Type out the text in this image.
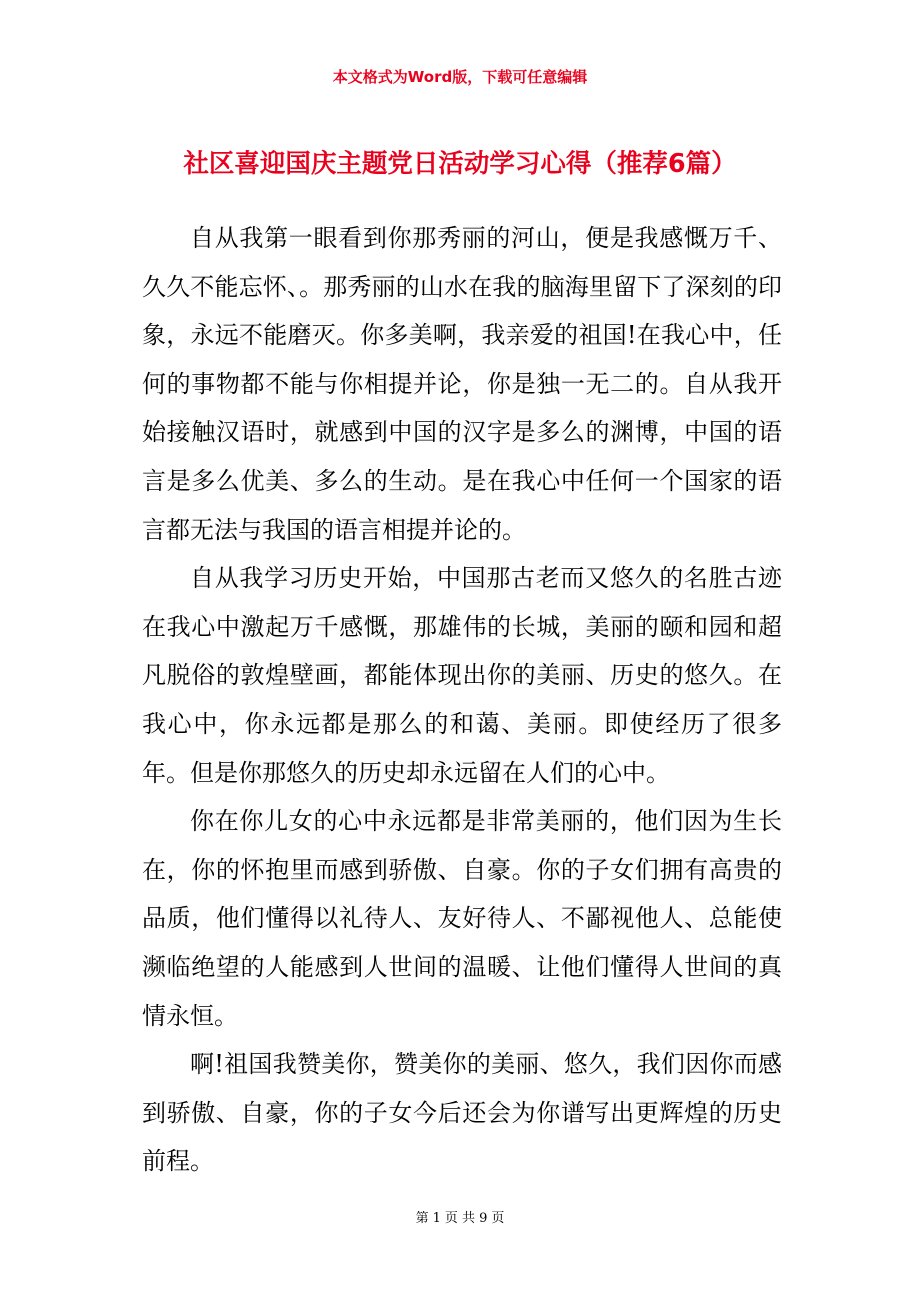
本文格式为Word版，下载可任意编辑
社区喜迎国庆主题党日活动学习心得（推荐6篇）

自从我第一眼看到你那秀丽的河山，便是我感慨万千、久久不能忘怀、。那秀丽的山水在我的脑海里留下了深刻的印象，永远不能磨灭。你多美啊，我亲爱的祖国!在我心中，任何的事物都不能与你相提并论，你是独一无二的。自从我开始接触汉语时，就感到中国的汉字是多么的渊博，中国的语言是多么优美、多么的生动。是在我心中任何一个国家的语言都无法与我国的语言相提并论的。

自从我学习历史开始，中国那古老而又悠久的名胜古迹在我心中激起万千感慨，那雄伟的长城，美丽的颐和园和超凡脱俗的敦煌壁画，都能体现出你的美丽、历史的悠久。在我心中，你永远都是那么的和蔼、美丽。即使经历了很多年。但是你那悠久的历史却永远留在人们的心中。

你在你儿女的心中永远都是非常美丽的，他们因为生长在，你的怀抱里而感到骄傲、自豪。你的子女们拥有高贵的品质，他们懂得以礼待人、友好待人、不鄙视他人、总能使濒临绝望的人能感到人世间的温暖、让他们懂得人世间的真情永恒。

啊!祖国我赞美你，赞美你的美丽、悠久，我们因你而感到骄傲、自豪，你的子女今后还会为你谱写出更辉煌的历史前程。

第 1 页 共 9 页
